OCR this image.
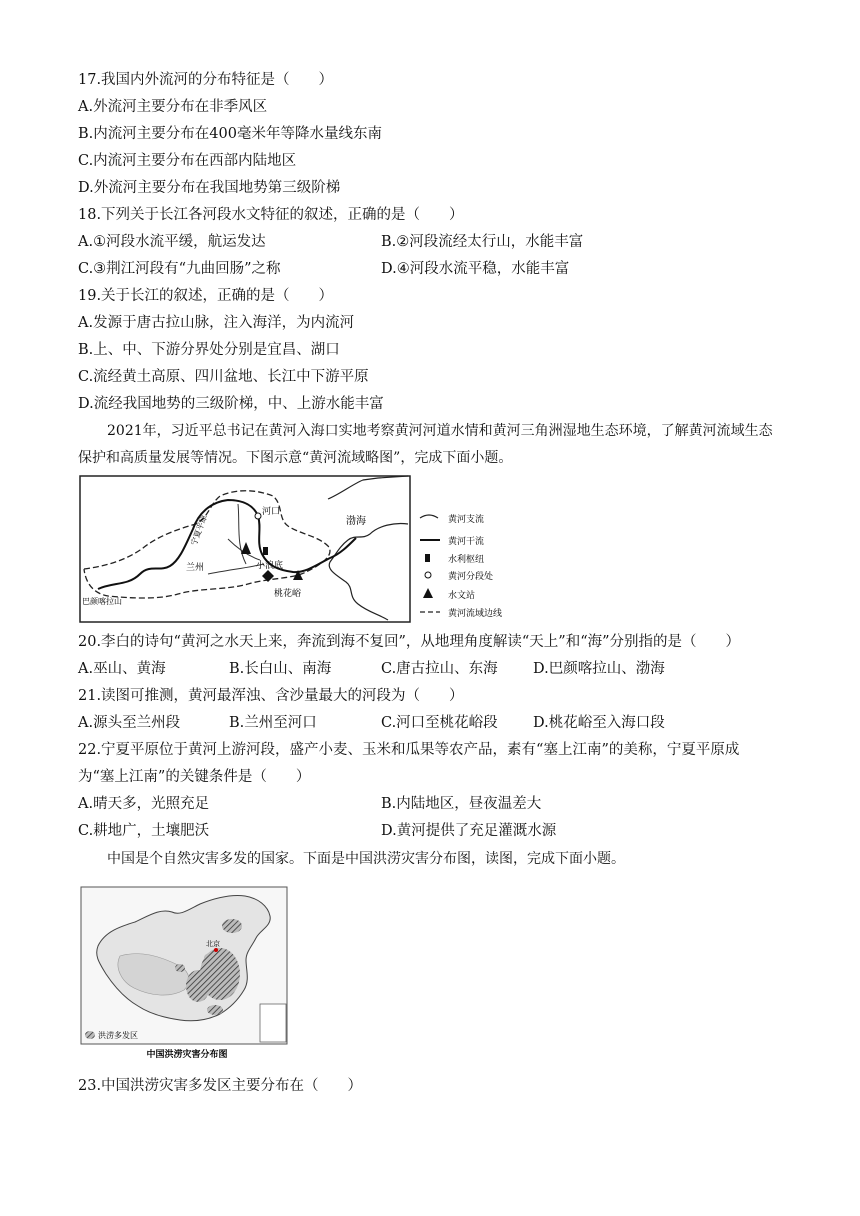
17.我国内外流河的分布特征是（　　）
A.外流河主要分布在非季风区
B.内流河主要分布在400毫米年等降水量线东南
C.内流河主要分布在西部内陆地区
D.外流河主要分布在我国地势第三级阶梯
18.下列关于长江各河段水文特征的叙述，正确的是（　　）
A.①河段水流平缓，航运发达	B.②河段流经太行山，水能丰富
C.③荆江河段有“九曲回肠”之称	D.④河段水流平稳，水能丰富
19.关于长江的叙述，正确的是（　　）
A.发源于唐古拉山脉，注入海洋，为内流河
B.上、中、下游分界处分别是宜昌、湖口
C.流经黄土高原、四川盆地、长江中下游平原
D.流经我国地势的三级阶梯，中、上游水能丰富
2021年，习近平总书记在黄河入海口实地考察黄河河道水情和黄河三角洲湿地生态环境，了解黄河流域生态保护和高质量发展等情况。下图示意“黄河流域略图”，完成下面小题。
渤海
河口
兰州	小浪底
桃花峪
巴颜喀拉山
宁夏平原	黄河支流
黄河干流
水利枢纽
黄河分段处
水文站
黄河流域边线
20.李白的诗句“黄河之水天上来，奔流到海不复回”，从地理角度解读“天上”和“海”分别指的是（　　）
A.巫山、黄海	B.长白山、南海	C.唐古拉山、东海 D.巴颜喀拉山、渤海
21.读图可推测，黄河最浑浊、含沙量最大的河段为（　　）
A.源头至兰州段	B.兰州至河口	C.河口至桃花峪段 D.桃花峪至入海口段
22.宁夏平原位于黄河上游河段，盛产小麦、玉米和瓜果等农产品，素有“塞上江南”的美称，宁夏平原成
为“塞上江南”的关键条件是（　　）
A.晴天多，光照充足	B.内陆地区，昼夜温差大
C.耕地广，土壤肥沃	D.黄河提供了充足灌溉水源
中国是个自然灾害多发的国家。下面是中国洪涝灾害分布图，读图，完成下面小题。
北京
洪涝多发区
中国洪涝灾害分布图
23.中国洪涝灾害多发区主要分布在（　　）
